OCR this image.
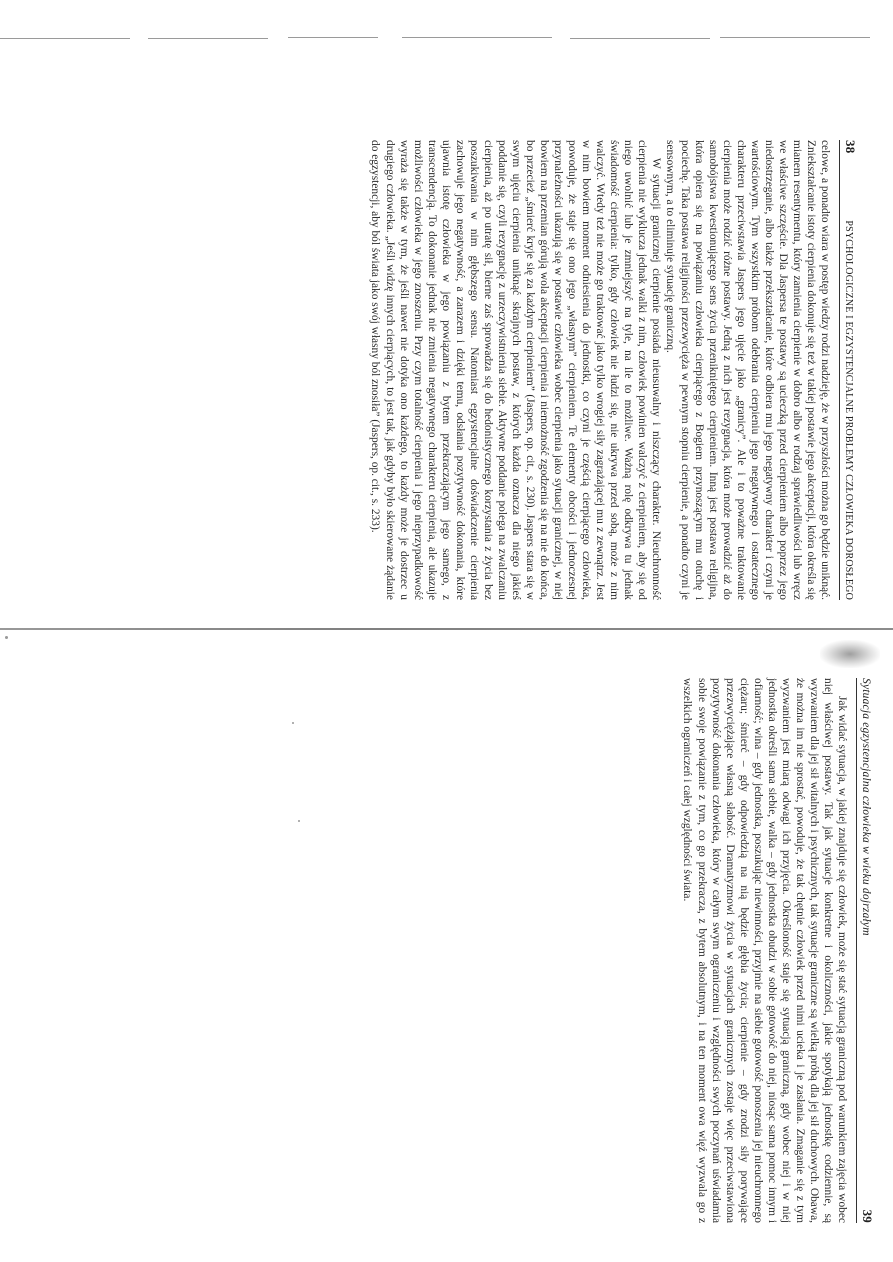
38
PSYCHOLOGICZNE I EGZYSTENCJALNE PROBLEMY CZŁOWIEKA DOROSŁEGO

celowe, a ponadto wiara w postęp wiedzy rodzi nadzieję, że w przyszłości można go będzie uniknąć. Zniekształcanie istoty cierpienia dokonuje się też w takiej postawie jego akceptacji, która określa się mianem resentymentu, który zamienia cierpienie w dobro albo w rodzaj sprawiedliwości lub wręcz we właściwe szczęście. Dla Jaspersa te postawy są ucieczką przed cierpieniem albo poprzez jego niedostrzeganie, albo także przekształcanie, które odbiera mu jego negatywny charakter i czyni je wartościowym. Tym wszystkim próbom odebrania cierpieniu jego negatywnego i ostatecznego charakteru przeciwstawia Jaspers jego ujęcie jako „granicy”. Ale i to poważne traktowanie cierpienia może rodzić różne postawy. Jedną z nich jest rezygnacja, która może prowadzić aż do samobójstwa kwestionującego sens życia przenikniętego cierpieniem. Inną jest postawa religijna, która opiera się na powiązaniu człowieka cierpiącego z Bogiem przynoszącym mu otuchę i pociechę. Taka postawa religijności przezwycięża w pewnym stopniu cierpienie, a ponadto czyni je sensownym, a to eliminuje sytuację granicznq.

W sytuacji granicznej cierpienie posiada nieusuwalny i niszczący charakter. Nieuchronność cierpienia nie wyklucza jednak walki z nim, człowiek powinien walczyć z cierpieniem, aby się od niego uwolnić lub je zmniejszyć na tyle, na ile to możliwe. Ważną rolę odkrywa tu jednak świadomość cierpienia: tylko, gdy człowiek nie łudzi się, nie ukrywa przed sobą, może z nim walczyć. Wtedy też nie może go traktować jako tylko wrogiej siły zagrażającej mu z zewnątrz. Jest w nim bowiem moment odniesienia do jednostki, co czyni je częścią cierpiącego człowieka, powoduje, że staje się ono jego „własnym” cierpieniem. Te elementy obcości i jednoczesnej przynależności ukazują się w postawie człowieka wobec cierpienia jako sytuacji granicznej, w niej bowiem na przemian górują wola akceptacji cierpienia i niemożność zgodzenia się na nie do końca, bo przecież „śmierć kryje się za każdym cierpieniem” (Jaspers, op. cit., s. 230). Jaspers stara się w swym ujęciu cierpienia uniknąć skrajnych postaw, z których każda oznacza dla niego jakieś poddanie się, czyli rezygnację z urzeczywistnienia siebie. Aktywne poddanie polega na zwalczaniu cierpienia, aż po utratę sił, bierne zaś sprowadza się do hedonistycznego korzystania z życia bez poszukiwania w nim głębszego sensu. Natomiast egzystencjalne doświadczenie cierpienia zachowuje jego negatywność, a zarazem i dzięki temu, odsłania pozytywność dokonania, które ujawnia istotę człowieka w jego powiązaniu z bytem przekraczającym jego samego, z transcendencją. To dokonanie jednak nie zmienia negatywnego charakteru cierpienia, ale ukazuje możliwości człowieka w jego znoszeniu. Przy czym totalność cierpienia i jego nieprzypadkowość wyraża się także w tym, że jeśli nawet nie dotyka ono każdego, to każdy może je dostrzec u drugiego człowieka. „Jeśli widzę innych cierpiących, to jest tak, jak gdyby było skierowane żądanie do egzystencji, aby ból świata jako swój własny ból znosiła” (Jaspers, op. cit., s. 233).

Sytuacja egzystencjalna człowieka w wieku dojrzałym
39

Jak widać sytuacja, w jakiej znajduje się człowiek, może się stać sytuacją graniczną pod warunkiem zajęcia wobec niej właściwej postawy. Tak jak sytuacje konkretne i okoliczności, jakie spotykają jednostkę codziennie, są wyzwaniem dla jej sił witalnych i psychicznych, tak sytuacje graniczne są wielką próbą dla jej sił duchowych. Obawa, że można im nie sprostać, powoduje, że tak chętnie człowiek przed nimi ucieka i je zasłania. Zmaganie się z tym wyzwaniem jest miarą odwagi ich przyjęcia. Określoność staje się sytuacją graniczną, gdy wobec niej i w niej jednostka określi sama siebie, walka – gdy jednostka obudzi w sobie gotowość do niej, niosąc sama pomoc innym i ofiarność; wina – gdy jednostka, poszukując niewinności, przyjmie na siebie gotowość ponoszenia jej nieuchronnego ciężaru; śmierć – gdy odpowiedzią na nią będzie głębia życia; cierpienie – gdy zrodzi siły porywające przezwyciężające własną słabość. Dramatyzmowi życia w sytuacjach granicznych zostaje więc przeciwstawiona pozytywność dokonania człowieka, który w całym swym ograniczeniu i względności swych poczynań uświadamia sobie swoje powiązanie z tym, co go przekracza, z bytem absolutnym, i na ten moment owa więź wyzwala go z wszelkich ograniczeń i całej względności świata.
